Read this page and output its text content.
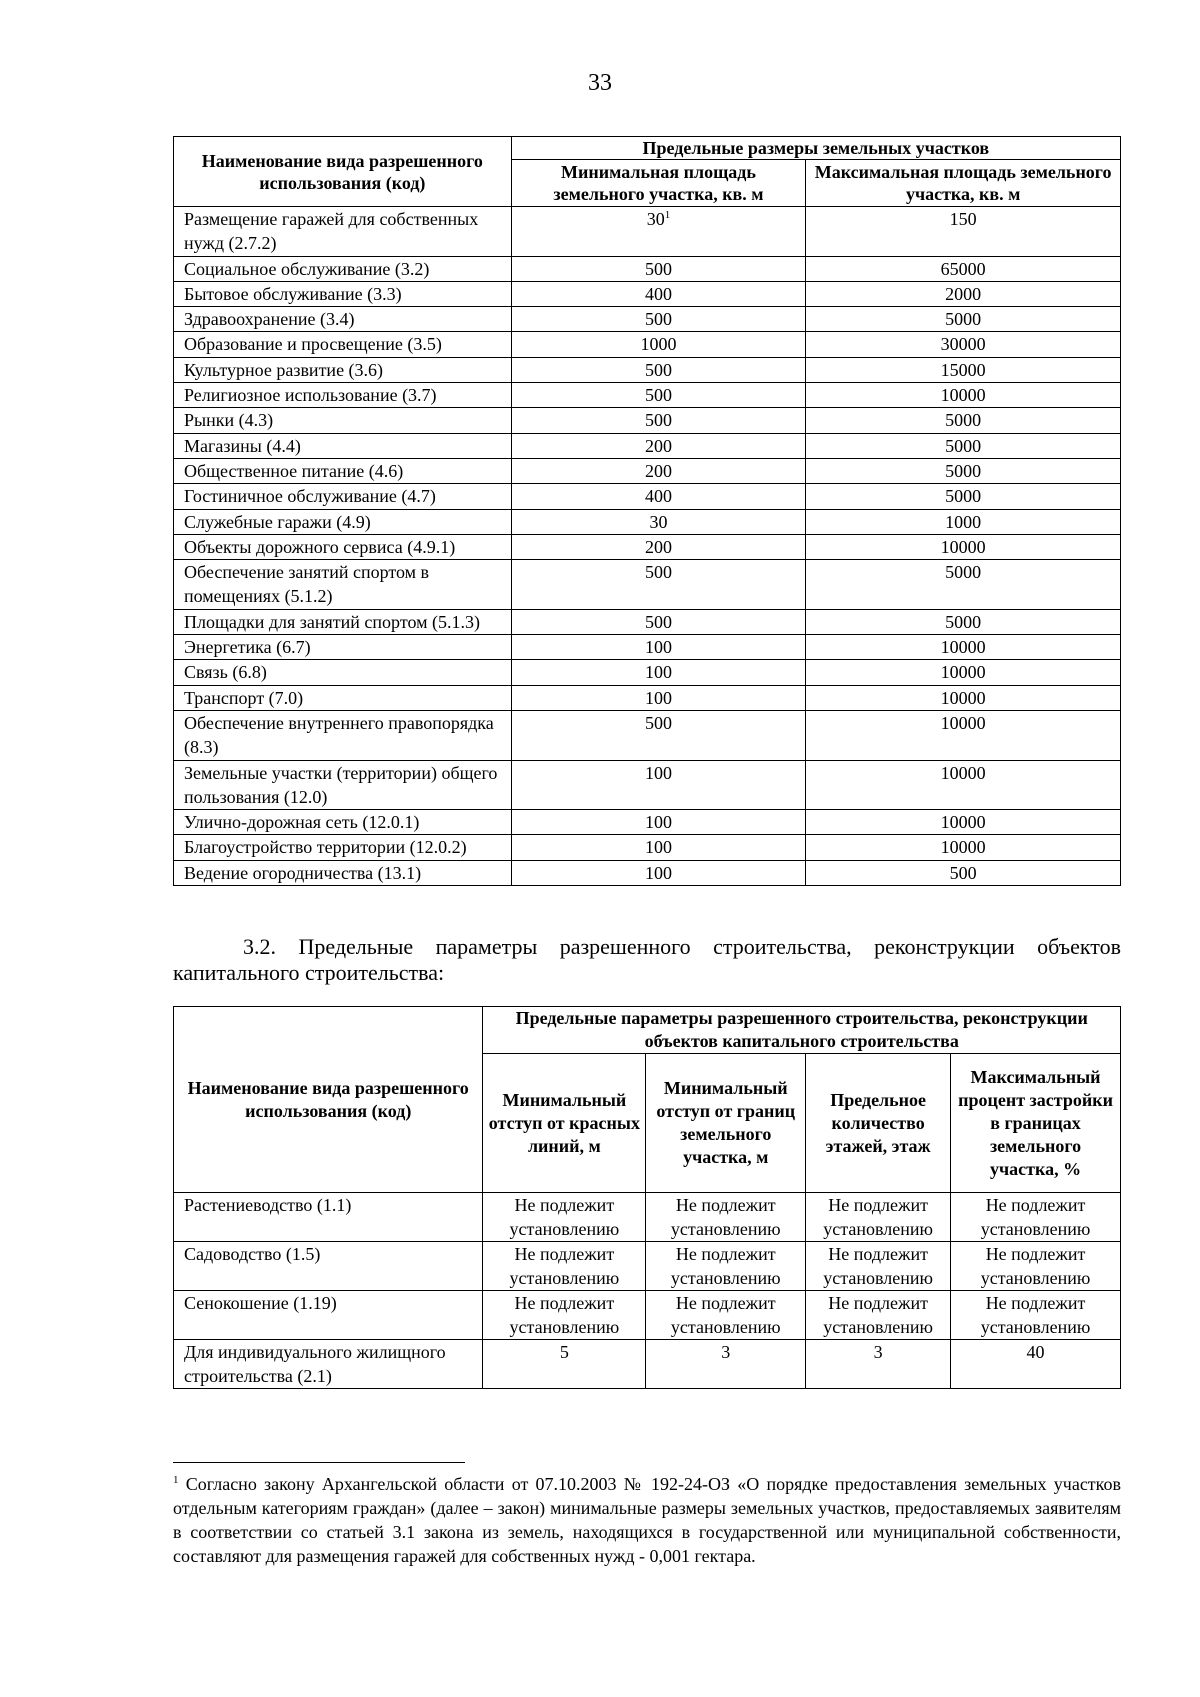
33
Наименование вида разрешенного использования (код)	Предельные размеры земельных участков	
	Минимальная площадь земельного участка, кв. м	Максимальная площадь земельного участка, кв. м
Размещение гаражей для собственных нужд (2.7.2)	$30^1$	150
Социальное обслуживание (3.2)	500	65000
Бытовое обслуживание (3.3)	400	2000
Здравоохранение (3.4)	500	5000
Образование и просвещение (3.5)	1000	30000
Культурное развитие (3.6)	500	15000
Религиозное использование (3.7)	500	10000
Рынки (4.3)	500	5000
Магазины (4.4)	200	5000
Общественное питание (4.6)	200	5000
Гостиничное обслуживание (4.7)	400	5000
Служебные гаражи (4.9)	30	1000
Объекты дорожного сервиса (4.9.1)	200	10000
Обеспечение занятий спортом в помещениях (5.1.2)	500	5000
Площадки для занятий спортом (5.1.3)	500	5000
Энергетика (6.7)	100	10000
Связь (6.8)	100	10000
Транспорт (7.0)	100	10000
Обеспечение внутреннего правопорядка (8.3)	500	10000
Земельные участки (территории) общего пользования (12.0)	100	10000
Улично-дорожная сеть (12.0.1)	100	10000
Благоустройство территории (12.0.2)	100	10000
Ведение огородничества (13.1)	100	500
3.2. Предельные параметры разрешенного строительства, реконструкции объектов капитального строительства:
Наименование вида разрешенного использования (код)	Предельные параметры разрешенного строительства, реконструкции объектов капитального строительства			
	Минимальный отступ от красных линий, м	Минимальный отступ от границ земельного участка, м	Предельное количество этажей, этаж	Максимальный процент застройки в границах земельного участка, %
Растениеводство (1.1)	Не подлежит установлению	Не подлежит установлению	Не подлежит установлению	Не подлежит установлению
Садоводство (1.5)	Не подлежит установлению	Не подлежит установлению	Не подлежит установлению	Не подлежит установлению
Сенокошение (1.19)	Не подлежит установлению	Не подлежит установлению	Не подлежит установлению	Не подлежит установлению
Для индивидуального жилищного строительства (2.1)	5	3	3	40
$^1$ Согласно закону Архангельской области от 07.10.2003 № 192-24-ОЗ «О порядке предоставления земельных участков отдельным категориям граждан» (далее – закон) минимальные размеры земельных участков, предоставляемых заявителям в соответствии со статьей 3.1 закона из земель, находящихся в государственной или муниципальной собственности, составляют для размещения гаражей для собственных нужд - 0,001 гектара.
